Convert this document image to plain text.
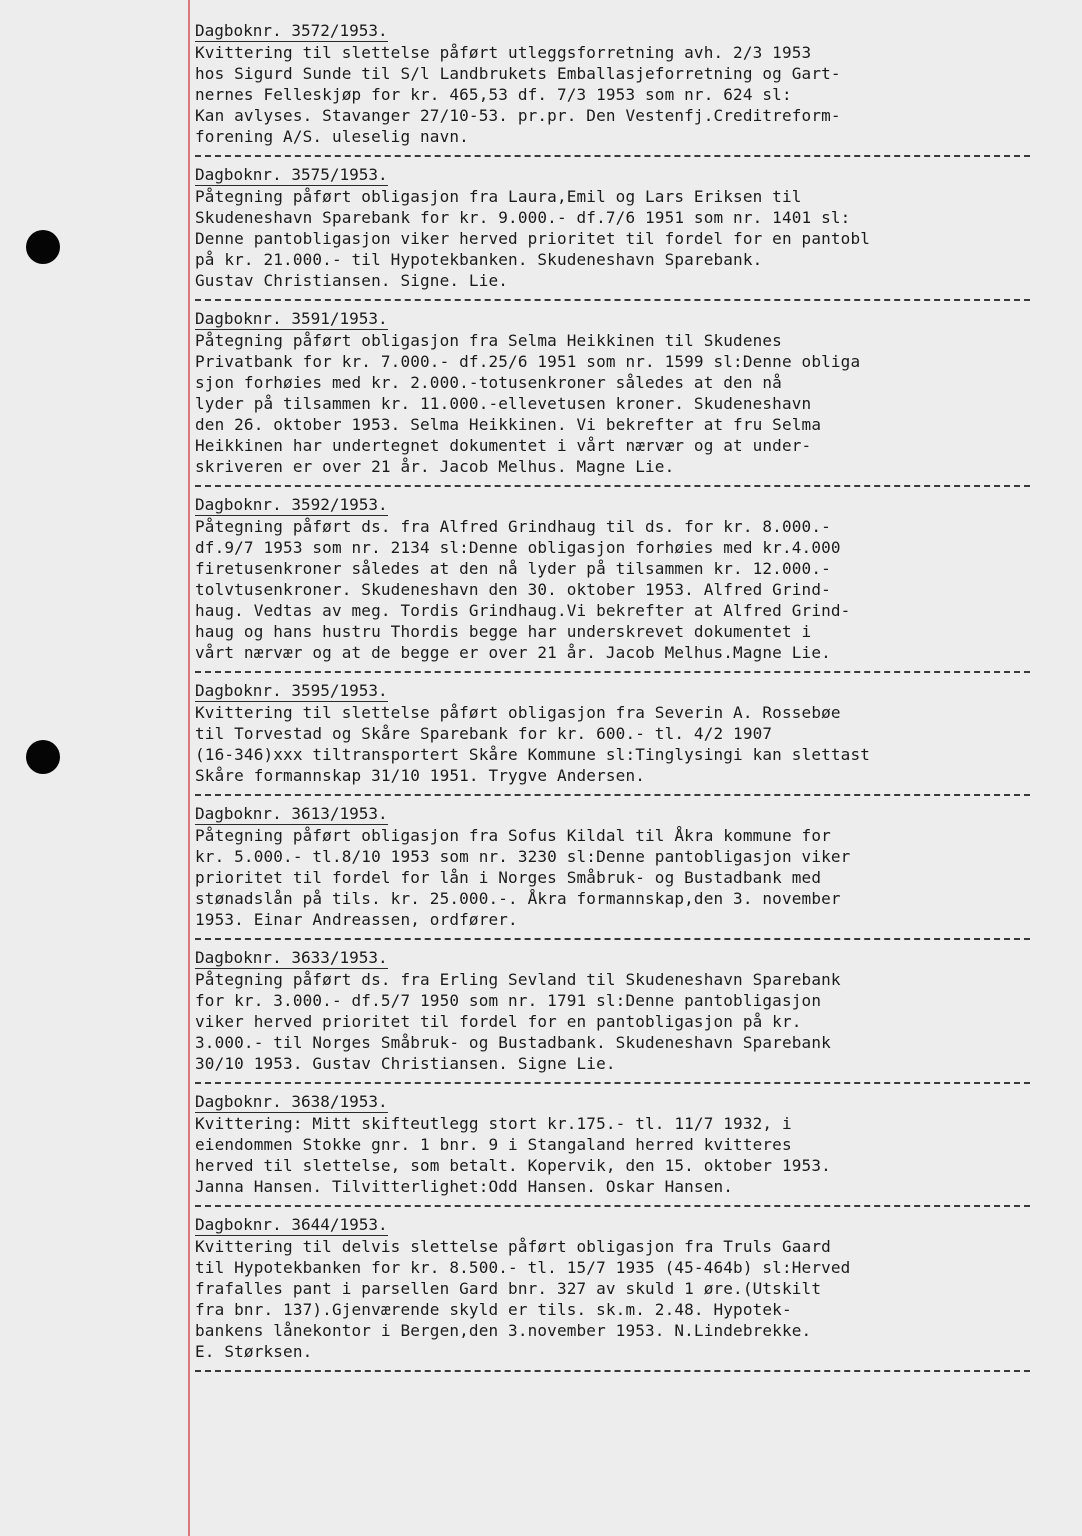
Dagboknr. 3572/1953.
Kvittering til slettelse påført utleggsforretning avh. 2/3 1953
hos Sigurd Sunde til S/l Landbrukets Emballasjeforretning og Gart-
nernes Felleskjøp for kr. 465,53 df. 7/3 1953 som nr. 624 sl:
Kan avlyses. Stavanger 27/10-53. pr.pr. Den Vestenfj.Creditreform-
forening A/S. uleselig navn.
Dagboknr. 3575/1953.
Påtegning påført obligasjon fra Laura,Emil og Lars Eriksen til
Skudeneshavn Sparebank for kr. 9.000.- df.7/6 1951 som nr. 1401 sl:
Denne pantobligasjon viker herved prioritet til fordel for en pantobl
på kr. 21.000.- til Hypotekbanken. Skudeneshavn Sparebank.
Gustav Christiansen. Signe. Lie.
Dagboknr. 3591/1953.
Påtegning påført obligasjon fra Selma Heikkinen til Skudenes
Privatbank for kr. 7.000.- df.25/6 1951 som nr. 1599 sl:Denne obliga
sjon forhøies med kr. 2.000.-totusenkroner således at den nå
lyder på tilsammen kr. 11.000.-ellevetusen kroner. Skudeneshavn
den 26. oktober 1953. Selma Heikkinen. Vi bekrefter at fru Selma
Heikkinen har undertegnet dokumentet i vårt nærvær og at under-
skriveren er over 21 år. Jacob Melhus. Magne Lie.
Dagboknr. 3592/1953.
Påtegning påført ds. fra Alfred Grindhaug til ds. for kr. 8.000.-
df.9/7 1953 som nr. 2134 sl:Denne obligasjon forhøies med kr.4.000
firetusenkroner således at den nå lyder på tilsammen kr. 12.000.-
tolvtusenkroner. Skudeneshavn den 30. oktober 1953. Alfred Grind-
haug. Vedtas av meg. Tordis Grindhaug.Vi bekrefter at Alfred Grind-
haug og hans hustru Thordis begge har underskrevet dokumentet i
vårt nærvær og at de begge er over 21 år. Jacob Melhus.Magne Lie.
Dagboknr. 3595/1953.
Kvittering til slettelse påført obligasjon fra Severin A. Rossebøe
til Torvestad og Skåre Sparebank for kr. 600.- tl. 4/2 1907
(16-346)xxx tiltransportert Skåre Kommune sl:Tinglysingi kan slettast
Skåre formannskap 31/10 1951. Trygve Andersen.
Dagboknr. 3613/1953.
Påtegning påført obligasjon fra Sofus Kildal til Åkra kommune for
kr. 5.000.- tl.8/10 1953 som nr. 3230 sl:Denne pantobligasjon viker
prioritet til fordel for lån i Norges Småbruk- og Bustadbank med
stønadslån på tils. kr. 25.000.-. Åkra formannskap,den 3. november
1953. Einar Andreassen, ordfører.
Dagboknr. 3633/1953.
Påtegning påført ds. fra Erling Sevland til Skudeneshavn Sparebank
for kr. 3.000.- df.5/7 1950 som nr. 1791 sl:Denne pantobligasjon
viker herved prioritet til fordel for en pantobligasjon på kr.
3.000.- til Norges Småbruk- og Bustadbank. Skudeneshavn Sparebank
30/10 1953. Gustav Christiansen. Signe Lie.
Dagboknr. 3638/1953.
Kvittering: Mitt skifteutlegg stort kr.175.- tl. 11/7 1932, i
eiendommen Stokke gnr. 1 bnr. 9 i Stangaland herred kvitteres
herved til slettelse, som betalt. Kopervik, den 15. oktober 1953.
Janna Hansen. Tilvitterlighet:Odd Hansen. Oskar Hansen.
Dagboknr. 3644/1953.
Kvittering til delvis slettelse påført obligasjon fra Truls Gaard
til Hypotekbanken for kr. 8.500.- tl. 15/7 1935 (45-464b) sl:Herved
frafalles pant i parsellen Gard bnr. 327 av skuld 1 øre.(Utskilt
fra bnr. 137).Gjenværende skyld er tils. sk.m. 2.48. Hypotek-
bankens lånekontor i Bergen,den 3.november 1953. N.Lindebrekke.
E. Størksen.
